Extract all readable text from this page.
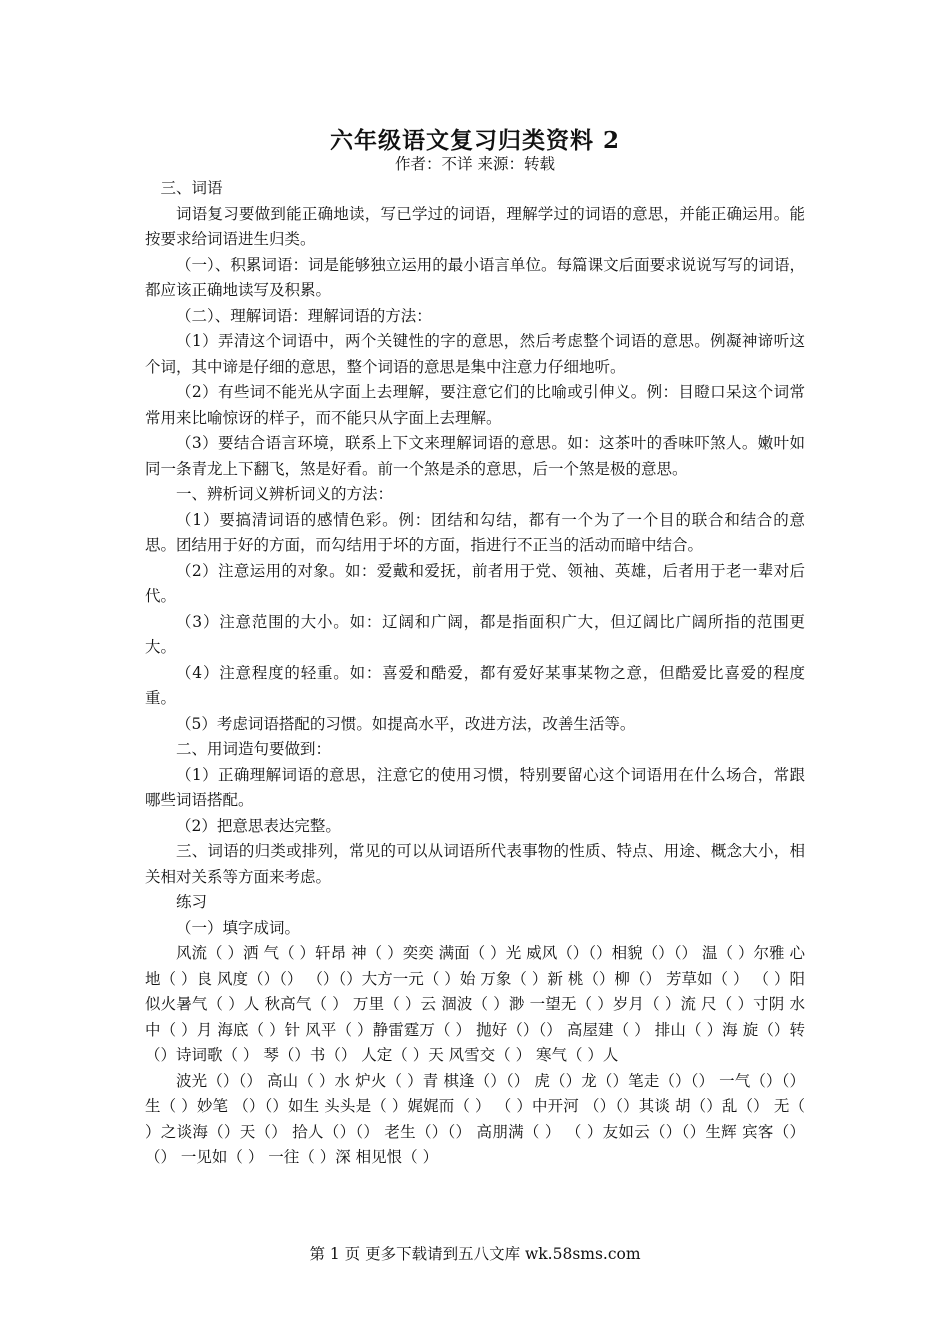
六年级语文复习归类资料 2
作者：不详 来源：转载

三、词语

词语复习要做到能正确地读，写已学过的词语，理解学过的词语的意思，并能正确运用。能按要求给词语进生归类。

（一）、积累词语：词是能够独立运用的最小语言单位。每篇课文后面要求说说写写的词语，都应该正确地读写及积累。

（二）、理解词语：理解词语的方法：

（1）弄清这个词语中，两个关键性的字的意思，然后考虑整个词语的意思。例凝神谛听这个词，其中谛是仔细的意思，整个词语的意思是集中注意力仔细地听。

（2）有些词不能光从字面上去理解，要注意它们的比喻或引伸义。例：目瞪口呆这个词常常用来比喻惊讶的样子，而不能只从字面上去理解。

（3）要结合语言环境，联系上下文来理解词语的意思。如：这茶叶的香味吓煞人。嫩叶如同一条青龙上下翻飞，煞是好看。前一个煞是杀的意思，后一个煞是极的意思。

一、辨析词义辨析词义的方法：

（1）要搞清词语的感情色彩。例：团结和勾结，都有一个为了一个目的联合和结合的意思。团结用于好的方面，而勾结用于坏的方面，指进行不正当的活动而暗中结合。

（2）注意运用的对象。如：爱戴和爱抚，前者用于党、领袖、英雄，后者用于老一辈对后代。

（3）注意范围的大小。如：辽阔和广阔，都是指面积广大，但辽阔比广阔所指的范围更大。

（4）注意程度的轻重。如：喜爱和酷爱，都有爱好某事某物之意，但酷爱比喜爱的程度重。

（5）考虑词语搭配的习惯。如提高水平，改进方法，改善生活等。

二、用词造句要做到：

（1）正确理解词语的意思，注意它的使用习惯，特别要留心这个词语用在什么场合，常跟哪些词语搭配。

（2）把意思表达完整。

三、词语的归类或排列，常见的可以从词语所代表事物的性质、特点、用途、概念大小，相关相对关系等方面来考虑。

练习

（一）填字成词。

风流（ ）洒 气（ ）轩昂 神（ ）奕奕 满面（ ）光 威风（）（）相貌（）（） 温（ ）尔雅 心地（ ）良 风度（）（） （）（）大方一元（ ）始 万象（ ）新 桃（）柳（） 芳草如（ ） （ ）阳似火暑气（ ）人 秋高气（ ） 万里（ ）云 涸波（ ）渺 一望无（ ）岁月（ ）流 尺（ ）寸阴 水中（ ）月 海底（ ）针 风平（ ）静雷霆万（ ） 抛好（）（） 高屋建（ ） 排山（ ）海 旋（）转（）诗词歌（ ） 琴（）书（） 人定（ ）天 风雪交（ ） 寒气（ ）人

波光（）（） 高山（ ）水 炉火（ ）青 棋逢（）（） 虎（）龙（）笔走（）（） 一气（）（） 生（ ）妙笔 （）（）如生 头头是（ ）娓娓而（ ） （ ）中开河 （）（）其谈 胡（）乱（） 无（ ）之谈海（）天（） 拾人（）（） 老生（）（） 高朋满（ ） （ ）友如云（）（）生辉 宾客（）（） 一见如（ ） 一往（ ）深 相见恨（ ）

第 1 页 更多下载请到五八文库 wk.58sms.com
